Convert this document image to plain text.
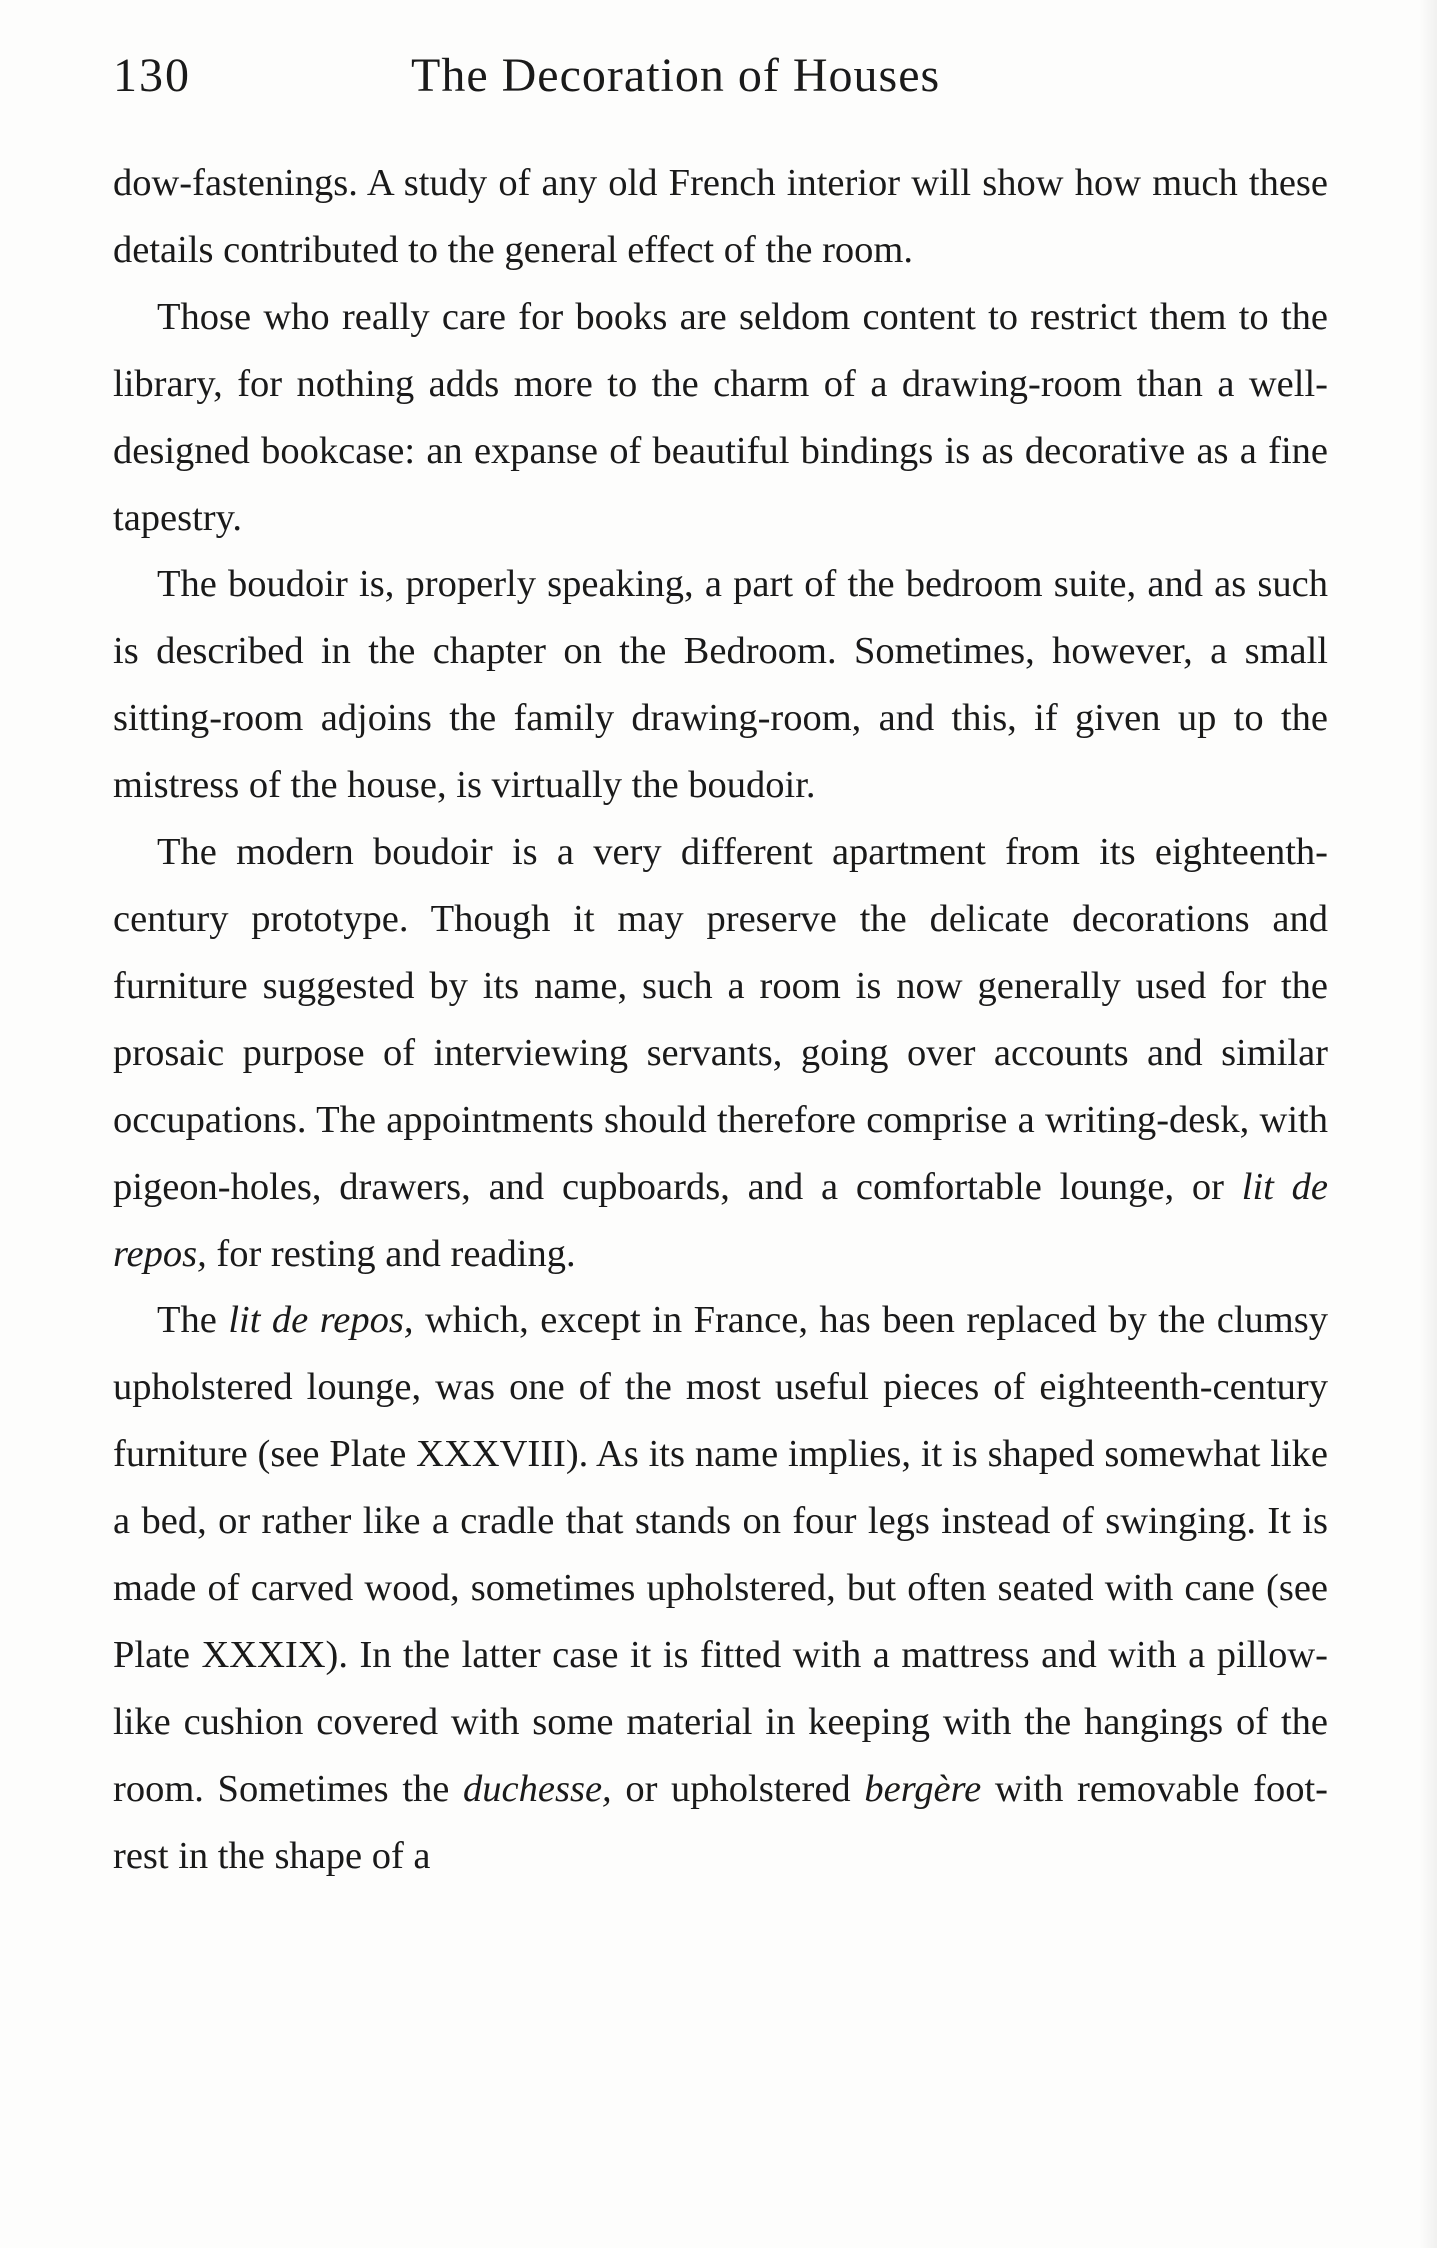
130	The Decoration of Houses

dow-fastenings. A study of any old French interior will show how much these details contributed to the general effect of the room.

Those who really care for books are seldom content to restrict them to the library, for nothing adds more to the charm of a drawing-room than a well-designed bookcase: an expanse of beautiful bindings is as decorative as a fine tapestry.

The boudoir is, properly speaking, a part of the bedroom suite, and as such is described in the chapter on the Bedroom. Sometimes, however, a small sitting-room adjoins the family drawing-room, and this, if given up to the mistress of the house, is virtually the boudoir.

The modern boudoir is a very different apartment from its eighteenth-century prototype. Though it may preserve the delicate decorations and furniture suggested by its name, such a room is now generally used for the prosaic purpose of interviewing servants, going over accounts and similar occupations. The appointments should therefore comprise a writing-desk, with pigeon-holes, drawers, and cupboards, and a comfortable lounge, or lit de repos, for resting and reading.

The lit de repos, which, except in France, has been replaced by the clumsy upholstered lounge, was one of the most useful pieces of eighteenth-century furniture (see Plate XXXVIII). As its name implies, it is shaped somewhat like a bed, or rather like a cradle that stands on four legs instead of swinging. It is made of carved wood, sometimes upholstered, but often seated with cane (see Plate XXXIX). In the latter case it is fitted with a mattress and with a pillow-like cushion covered with some material in keeping with the hangings of the room. Sometimes the duchesse, or upholstered bergère with removable foot-rest in the shape of a
